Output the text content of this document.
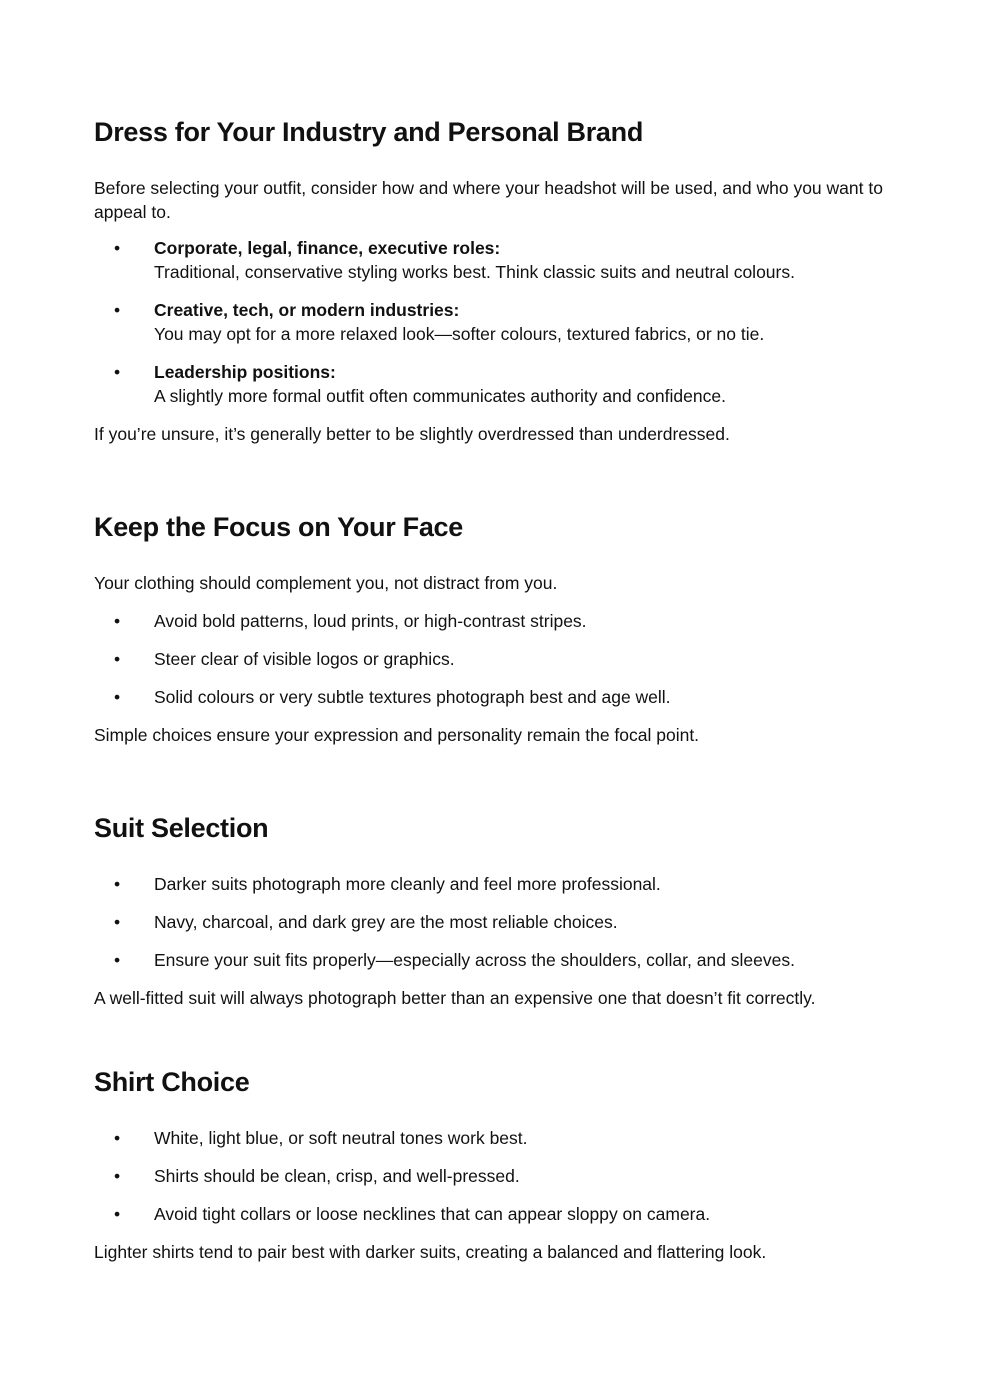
Dress for Your Industry and Personal Brand

Before selecting your outfit, consider how and where your headshot will be used, and who you want to appeal to.

• Corporate, legal, finance, executive roles:
Traditional, conservative styling works best. Think classic suits and neutral colours.
• Creative, tech, or modern industries:
You may opt for a more relaxed look—softer colours, textured fabrics, or no tie.
• Leadership positions:
A slightly more formal outfit often communicates authority and confidence.

If you’re unsure, it’s generally better to be slightly overdressed than underdressed.

Keep the Focus on Your Face

Your clothing should complement you, not distract from you.

• Avoid bold patterns, loud prints, or high-contrast stripes.
• Steer clear of visible logos or graphics.
• Solid colours or very subtle textures photograph best and age well.

Simple choices ensure your expression and personality remain the focal point.

Suit Selection
• Darker suits photograph more cleanly and feel more professional.
• Navy, charcoal, and dark grey are the most reliable choices.
• Ensure your suit fits properly—especially across the shoulders, collar, and sleeves.

A well-fitted suit will always photograph better than an expensive one that doesn’t fit correctly.

Shirt Choice
• White, light blue, or soft neutral tones work best.
• Shirts should be clean, crisp, and well-pressed.
• Avoid tight collars or loose necklines that can appear sloppy on camera.

Lighter shirts tend to pair best with darker suits, creating a balanced and flattering look.
